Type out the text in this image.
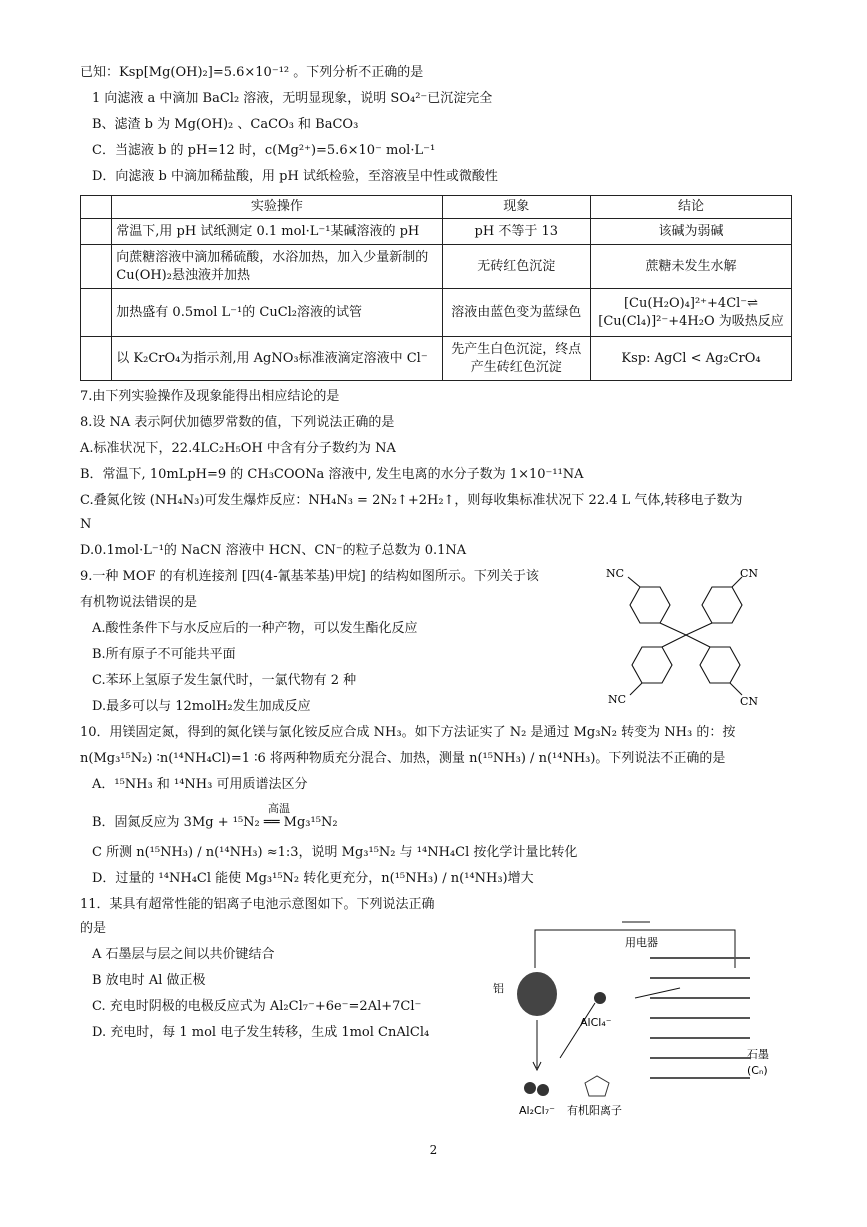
已知：Ksp[Mg(OH)₂]=5.6×10⁻¹² 。下列分析不正确的是
1 向滤液 a 中滴加 BaCl₂ 溶液，无明显现象，说明 SO₄²⁻已沉淀完全
B、滤渣 b 为 Mg(OH)₂ 、CaCO₃ 和 BaCO₃
C．当滤液 b 的 pH=12 时，c(Mg²⁺)=5.6×10⁻ mol·L⁻¹
D．向滤液 b 中滴加稀盐酸，用 pH 试纸检验，至溶液呈中性或微酸性
	实验操作	现象	结论
	常温下,用 pH 试纸测定 0.1 mol·L⁻¹某碱溶液的 pH	pH 不等于 13	该碱为弱碱
	向蔗糖溶液中滴加稀硫酸，水浴加热，加入少量新制的 Cu(OH)₂悬浊液并加热	无砖红色沉淀	蔗糖未发生水解
	加热盛有 0.5mol L⁻¹的 CuCl₂溶液的试管	溶液由蓝色变为蓝绿色	[Cu(H₂O)₄]²⁺+4Cl⁻⇌ [Cu(Cl₄)]²⁻+4H₂O 为吸热反应
	以 K₂CrO₄为指示剂,用 AgNO₃标准液滴定溶液中 Cl⁻	先产生白色沉淀，终点产生砖红色沉淀	Ksp: AgCl < Ag₂CrO₄
7.由下列实验操作及现象能得出相应结论的是
8.设 NA 表示阿伏加德罗常数的值，下列说法正确的是
A.标准状况下，22.4LC₂H₅OH 中含有分子数约为 NA
B．常温下, 10mLpH=9 的 CH₃COONa 溶液中, 发生电离的水分子数为 1×10⁻¹¹NA
C.叠氮化铵 (NH₄N₃)可发生爆炸反应：NH₄N₃ = 2N₂↑+2H₂↑，则每收集标准状况下 22.4 L 气体,转移电子数为
N
D.0.1mol·L⁻¹的 NaCN 溶液中 HCN、CN⁻的粒子总数为 0.1NA
9.一种 MOF 的有机连接剂 [四(4-氰基苯基)甲烷] 的结构如图所示。下列关于该
有机物说法错误的是
A.酸性条件下与水反应后的一种产物，可以发生酯化反应
B.所有原子不可能共平面
C.苯环上氢原子发生氯代时，一氯代物有 2 种
D.最多可以与 12molH₂发生加成反应
NC	CN
NC	CN
10．用镁固定氮，得到的氮化镁与氯化铵反应合成 NH₃。如下方法证实了 N₂ 是通过 Mg₃N₂ 转变为 NH₃ 的：按
n(Mg₃¹⁵N₂) ∶n(¹⁴NH₄Cl)=1 ∶6 将两种物质充分混合、加热，测量 n(¹⁵NH₃) / n(¹⁴NH₃)。下列说法不正确的是
A．¹⁵NH₃ 和 ¹⁴NH₃ 可用质谱法区分
B．固氮反应为 3Mg + ¹⁵N₂ ══ Mg₃¹⁵N₂
高温
C 所测 n(¹⁵NH₃) / n(¹⁴NH₃) ≈1:3，说明 Mg₃¹⁵N₂ 与 ¹⁴NH₄Cl 按化学计量比转化
D．过量的 ¹⁴NH₄Cl 能使 Mg₃¹⁵N₂ 转化更充分，n(¹⁵NH₃) / n(¹⁴NH₃)增大
11．某具有超常性能的铝离子电池示意图如下。下列说法正确
的是
A 石墨层与层之间以共价键结合
B 放电时 Al 做正极
C. 充电时阴极的电极反应式为 Al₂Cl₇⁻+6e⁻=2Al+7Cl⁻
D. 充电时，每 1 mol 电子发生转移，生成 1mol CnAlCl₄
用电器
铝
AlCl₄⁻
Al₂Cl₇⁻ 有机阳离子
石墨
(Cₙ)
2
